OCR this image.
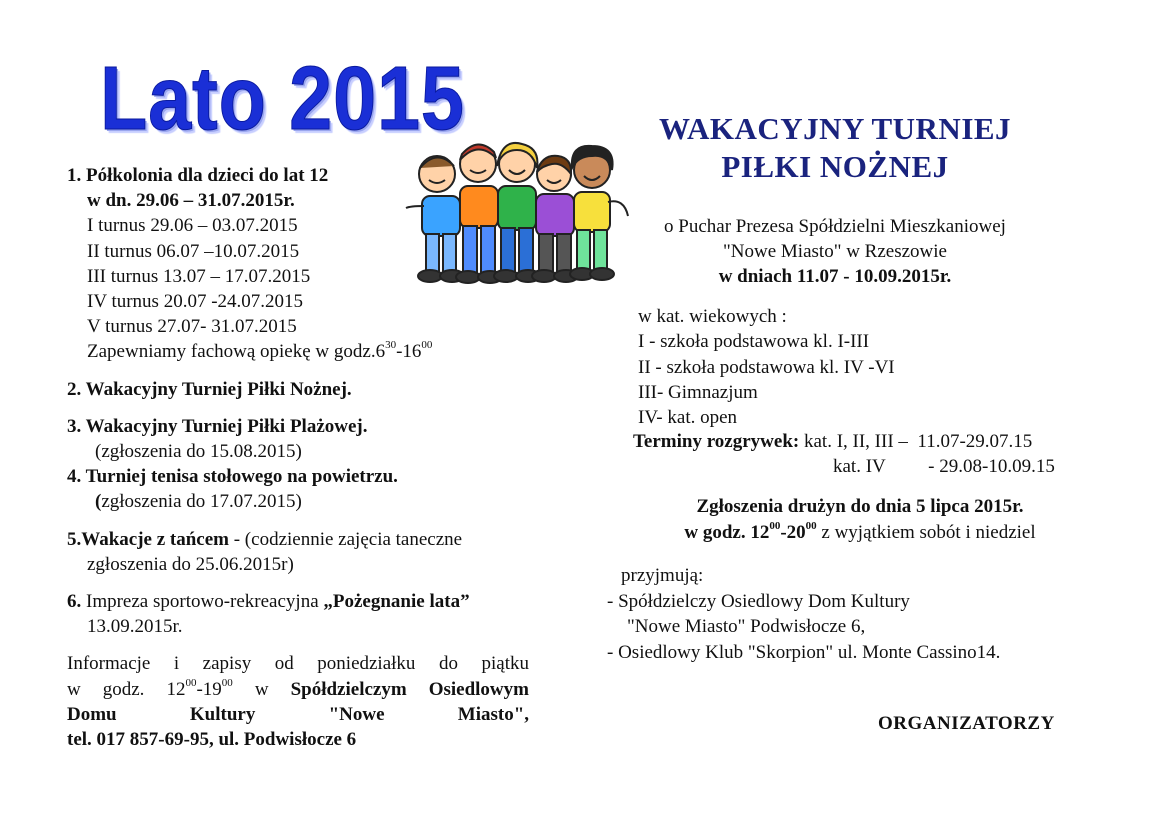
Lato 2015
1. Półkolonia dla dzieci do lat 12
w dn. 29.06 – 31.07.2015r.
I turnus 29.06 – 03.07.2015
II turnus 06.07 –10.07.2015
III turnus 13.07 – 17.07.2015
IV turnus 20.07 -24.07.2015
V turnus 27.07- 31.07.2015
Zapewniamy fachową opiekę w $godz.6^{30}-16^{00}$
2. Wakacyjny Turniej Piłki Nożnej.
3. Wakacyjny Turniej Piłki Plażowej.
(zgłoszenia do 15.08.2015)
4. Turniej tenisa stołowego na powietrzu.
(zgłoszenia do 17.07.2015)
5.Wakacje z tańcem - (codziennie zajęcia taneczne
zgłoszenia do 25.06.2015r)
6. Impreza sportowo-rekreacyjna „Pożegnanie lata”
13.09.2015r.
Informacje i zapisy od poniedziałku do piątku
w godz. $12^{00}-19^{00}$ w Spółdzielczym Osiedlowym
Domu Kultury "Nowe Miasto",
tel. 017 857-69-95, ul. Podwisłocze 6
WAKACYJNY TURNIEJ
PIŁKI NOŻNEJ
o Puchar Prezesa Spółdzielni Mieszkaniowej
"Nowe Miasto" w Rzeszowie
w dniach 11.07 - 10.09.2015r.
w kat. wiekowych :
I - szkoła podstawowa kl. I-III
II - szkoła podstawowa kl. IV -VI
III- Gimnazjum
IV- kat. open
Terminy rozgrywek: kat. I, II, III –  11.07-29.07.15
kat. IV         - 29.08-10.09.15
Zgłoszenia drużyn do dnia 5 lipca 2015r.
w godz. $12^{00}-20^{00}$ z wyjątkiem sobót i niedziel
przyjmują:
- Spółdzielczy Osiedlowy Dom Kultury
"Nowe Miasto" Podwisłocze 6,
- Osiedlowy Klub "Skorpion" ul. Monte Cassino14.
ORGANIZATORZY
